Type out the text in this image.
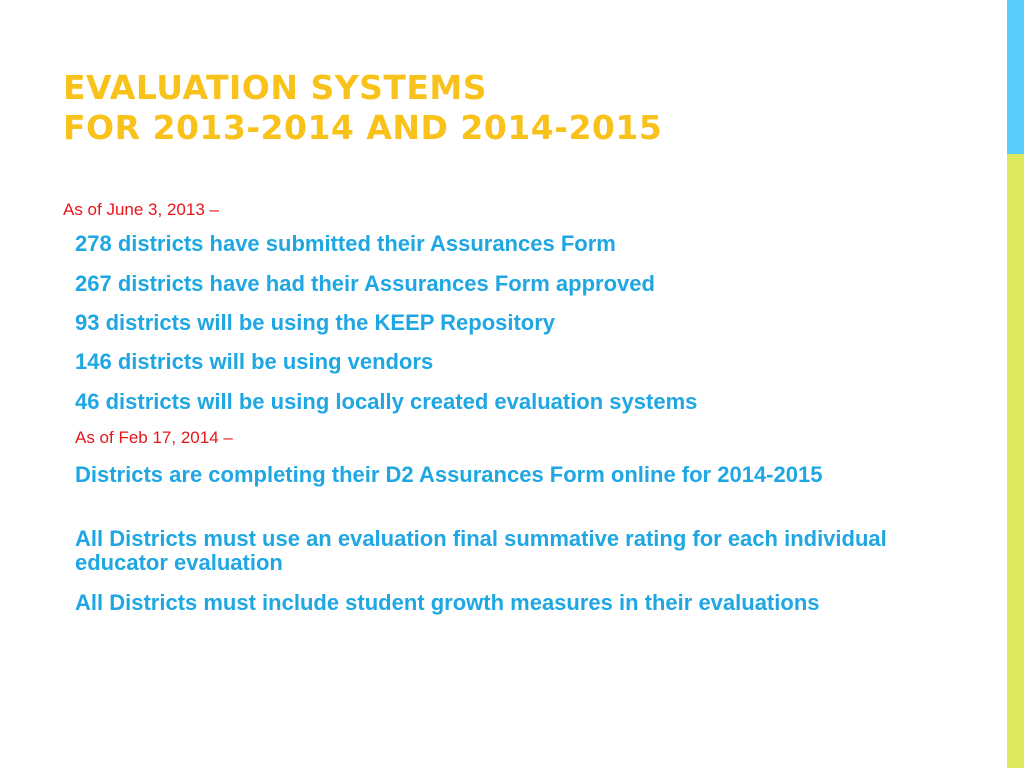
EVALUATION SYSTEMS
FOR 2013-2014 AND 2014-2015

As of June 3, 2013 –

278 districts have submitted their Assurances Form

267 districts have had their Assurances Form approved

93 districts will be using the KEEP Repository

146 districts will be using vendors

46 districts will be using locally created evaluation systems

As of Feb 17, 2014 –

Districts are completing their D2 Assurances Form online for 2014-2015

All Districts must use an evaluation final summative rating for each individual educator evaluation

All Districts must include student growth measures in their evaluations
